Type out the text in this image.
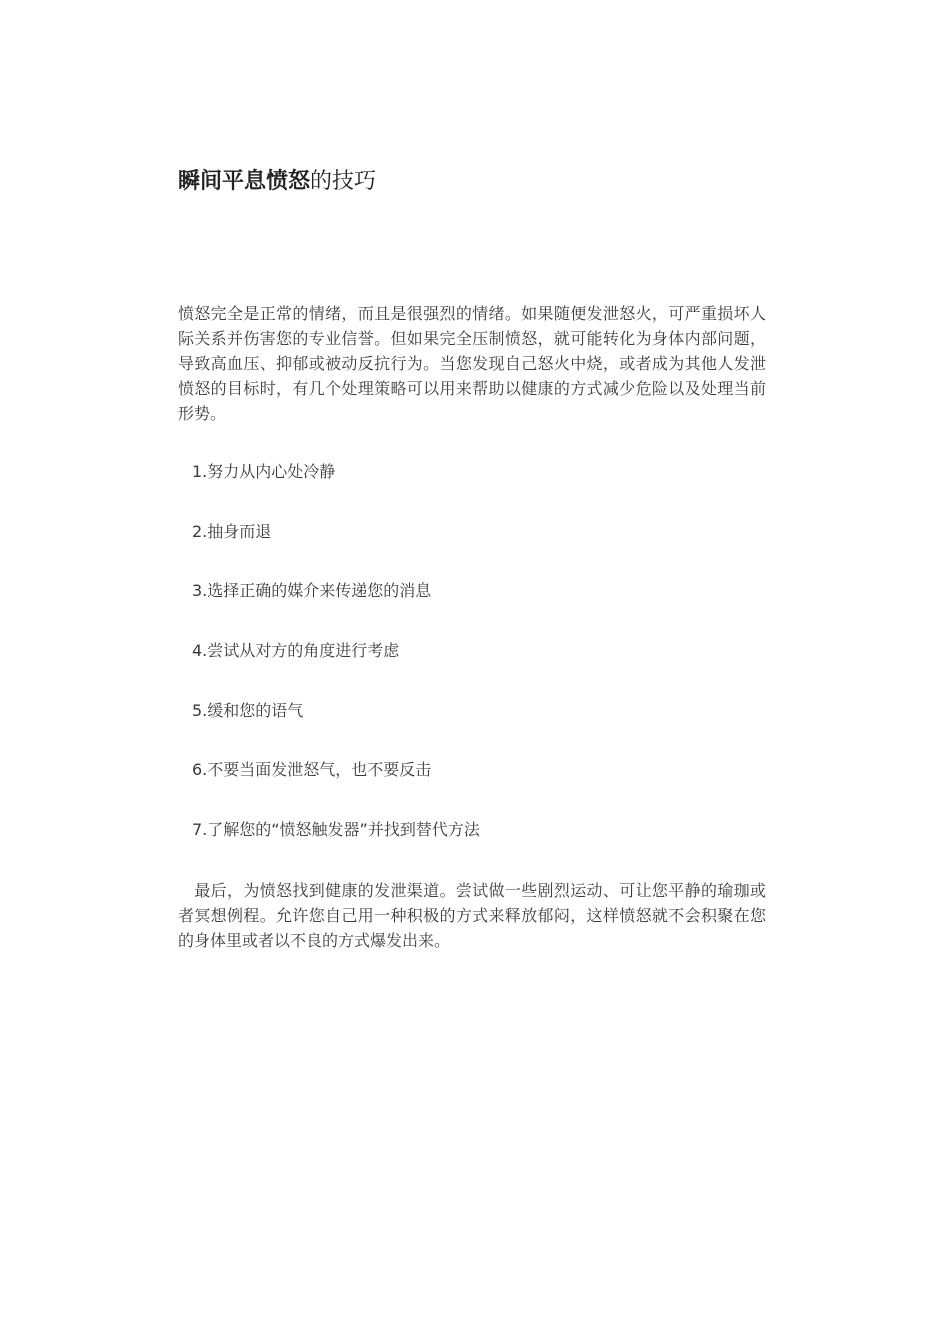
瞬间平息愤怒的技巧

愤怒完全是正常的情绪，而且是很强烈的情绪。如果随便发泄怒火，可严重损坏人际关系并伤害您的专业信誉。但如果完全压制愤怒，就可能转化为身体内部问题，导致高血压、抑郁或被动反抗行为。当您发现自己怒火中烧，或者成为其他人发泄愤怒的目标时，有几个处理策略可以用来帮助以健康的方式减少危险以及处理当前形势。

1.努力从内心处冷静
2.抽身而退
3.选择正确的媒介来传递您的消息
4.尝试从对方的角度进行考虑
5.缓和您的语气
6.不要当面发泄怒气，也不要反击
7.了解您的“愤怒触发器”并找到替代方法

　最后，为愤怒找到健康的发泄渠道。尝试做一些剧烈运动、可让您平静的瑜珈或者冥想例程。允许您自己用一种积极的方式来释放郁闷，这样愤怒就不会积聚在您的身体里或者以不良的方式爆发出来。
